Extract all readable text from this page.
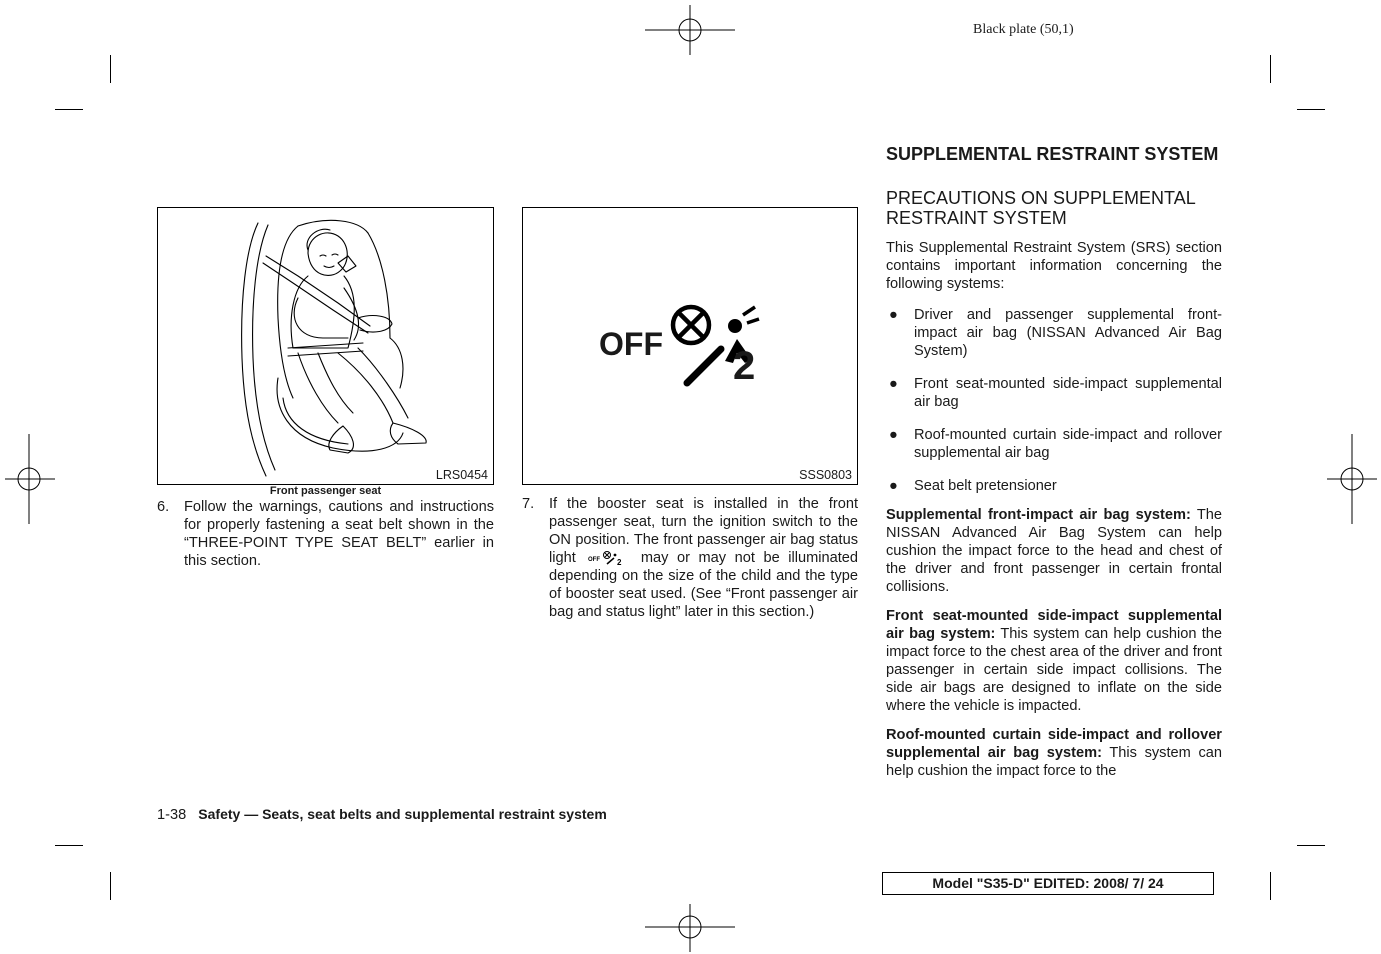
Black plate (50,1)
LRS0454
Front passenger seat
OFF 2
SSS0803
6.	Follow the warnings, cautions and instructions for properly fastening a seat belt shown in the “THREE-POINT TYPE SEAT BELT” earlier in this section.
7.	If the booster seat is installed in the front passenger seat, turn the ignition switch to the ON position. The front passenger air bag status light OFF 2 may or may not be illuminated depending on the size of the child and the type of booster seat used. (See “Front passenger air bag and status light” later in this section.)
SUPPLEMENTAL RESTRAINT SYSTEM
PRECAUTIONS ON SUPPLEMENTAL RESTRAINT SYSTEM
This Supplemental Restraint System (SRS) section contains important information concerning the following systems:
● Driver and passenger supplemental front-impact air bag (NISSAN Advanced Air Bag System)
● Front seat-mounted side-impact supplemental air bag
● Roof-mounted curtain side-impact and rollover supplemental air bag
● Seat belt pretensioner
Supplemental front-impact air bag system: The NISSAN Advanced Air Bag System can help cushion the impact force to the head and chest of the driver and front passenger in certain frontal collisions.
Front seat-mounted side-impact supplemental air bag system: This system can help cushion the impact force to the chest area of the driver and front passenger in certain side impact collisions. The side air bags are designed to inflate on the side where the vehicle is impacted.
Roof-mounted curtain side-impact and rollover supplemental air bag system: This system can help cushion the impact force to the
1-38 Safety — Seats, seat belts and supplemental restraint system
Model "S35-D" EDITED: 2008/ 7/ 24
